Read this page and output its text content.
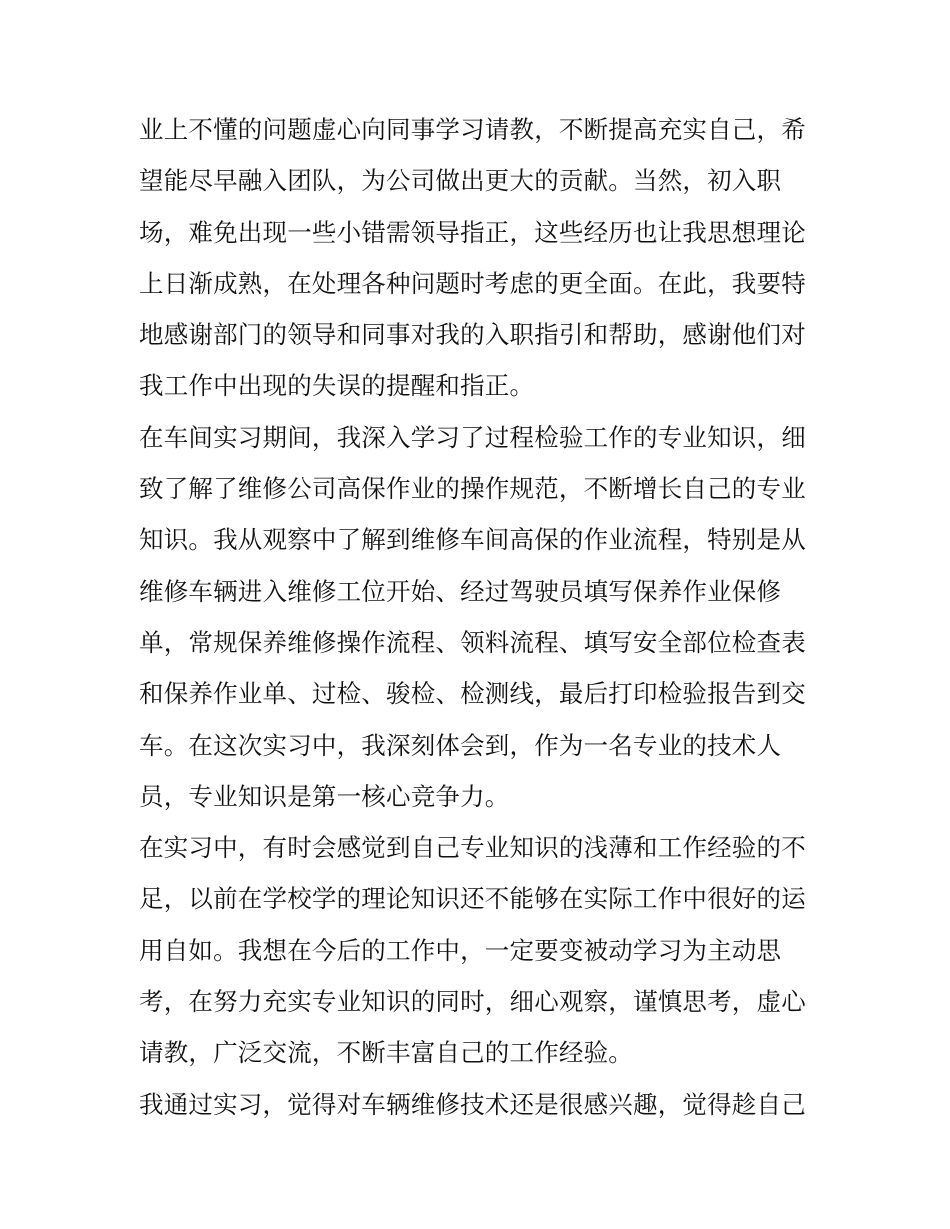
业上不懂的问题虚心向同事学习请教，不断提高充实自己，希
望能尽早融入团队，为公司做出更大的贡献。当然，初入职
场，难免出现一些小错需领导指正，这些经历也让我思想理论
上日渐成熟，在处理各种问题时考虑的更全面。在此，我要特
地感谢部门的领导和同事对我的入职指引和帮助，感谢他们对
我工作中出现的失误的提醒和指正。
在车间实习期间，我深入学习了过程检验工作的专业知识，细
致了解了维修公司高保作业的操作规范，不断增长自己的专业
知识。我从观察中了解到维修车间高保的作业流程，特别是从
维修车辆进入维修工位开始、经过驾驶员填写保养作业保修
单，常规保养维修操作流程、领料流程、填写安全部位检查表
和保养作业单、过检、骏检、检测线，最后打印检验报告到交
车。在这次实习中，我深刻体会到，作为一名专业的技术人
员，专业知识是第一核心竞争力。
在实习中，有时会感觉到自己专业知识的浅薄和工作经验的不
足，以前在学校学的理论知识还不能够在实际工作中很好的运
用自如。我想在今后的工作中，一定要变被动学习为主动思
考，在努力充实专业知识的同时，细心观察，谨慎思考，虚心
请教，广泛交流，不断丰富自己的工作经验。
我通过实习，觉得对车辆维修技术还是很感兴趣，觉得趁自己
